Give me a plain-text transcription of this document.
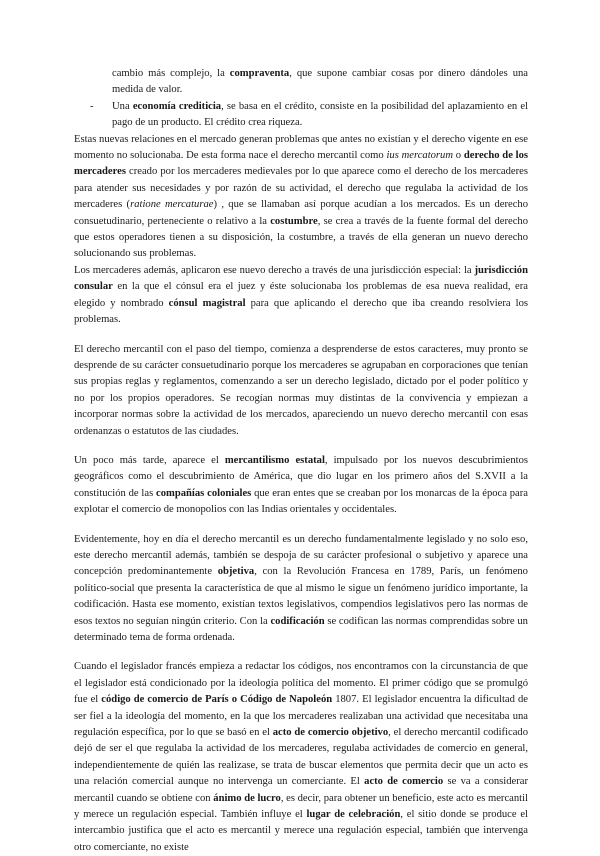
cambio más complejo, la compraventa, que supone cambiar cosas por dinero dándoles una medida de valor.

-	Una economía crediticia, se basa en el crédito, consiste en la posibilidad del aplazamiento en el pago de un producto. El crédito crea riqueza.

Estas nuevas relaciones en el mercado generan problemas que antes no existían y el derecho vigente en ese momento no solucionaba. De esta forma nace el derecho mercantil como ius mercatorum o derecho de los mercaderes creado por los mercaderes medievales por lo que aparece como el derecho de los mercaderes para atender sus necesidades y por razón de su actividad, el derecho que regulaba la actividad de los mercaderes (ratione mercaturae) , que se llamaban así porque acudían a los mercados. Es un derecho consuetudinario, perteneciente o relativo a la costumbre, se crea a través de la fuente formal del derecho que estos operadores tienen a su disposición, la costumbre, a través de ella generan un nuevo derecho solucionando sus problemas.

Los mercaderes además, aplicaron ese nuevo derecho a través de una jurisdicción especial: la jurisdicción consular en la que el cónsul era el juez y éste solucionaba los problemas de esa nueva realidad, era elegido y nombrado cónsul magistral para que aplicando el derecho que iba creando resolviera los problemas.

El derecho mercantil con el paso del tiempo, comienza a desprenderse de estos caracteres, muy pronto se desprende de su carácter consuetudinario porque los mercaderes se agrupaban en corporaciones que tenían sus propias reglas y reglamentos, comenzando a ser un derecho legislado, dictado por el poder político y no por los propios operadores. Se recogían normas muy distintas de la convivencia y empiezan a incorporar normas sobre la actividad de los mercados, apareciendo un nuevo derecho mercantil con esas ordenanzas o estatutos de las ciudades.

Un poco más tarde, aparece el mercantilismo estatal, impulsado por los nuevos descubrimientos geográficos como el descubrimiento de América, que dio lugar en los primero años del S.XVII a la constitución de las compañías coloniales que eran entes que se creaban por los monarcas de la época para explotar el comercio de monopolios con las Indias orientales y occidentales.

Evidentemente, hoy en día el derecho mercantil es un derecho fundamentalmente legislado y no solo eso, este derecho mercantil además, también se despoja de su carácter profesional o subjetivo y aparece una concepción predominantemente objetiva, con la Revolución Francesa en 1789, París, un fenómeno político-social que presenta la característica de que al mismo le sigue un fenómeno jurídico importante, la codificación. Hasta ese momento, existían textos legislativos, compendios legislativos pero las normas de esos textos no seguían ningún criterio. Con la codificación se codifican las normas comprendidas sobre un determinado tema de forma ordenada.

Cuando el legislador francés empieza a redactar los códigos, nos encontramos con la circunstancia de que el legislador está condicionado por la ideología política del momento. El primer código que se promulgó fue el código de comercio de París o Código de Napoleón 1807. El legislador encuentra la dificultad de ser fiel a la ideología del momento, en la que los mercaderes realizaban una actividad que necesitaba una regulación específica, por lo que se basó en el acto de comercio objetivo, el derecho mercantil codificado dejó de ser el que regulaba la actividad de los mercaderes, regulaba actividades de comercio en general, independientemente de quién las realizase, se trata de buscar elementos que permita decir que un acto es una relación comercial aunque no intervenga un comerciante. El acto de comercio se va a considerar mercantil cuando se obtiene con ánimo de lucro, es decir, para obtener un beneficio, este acto es mercantil y merece un regulación especial. También influye el lugar de celebración, el sitio donde se produce el intercambio justifica que el acto es mercantil y merece una regulación especial, también que intervenga otro comerciante, no existe
